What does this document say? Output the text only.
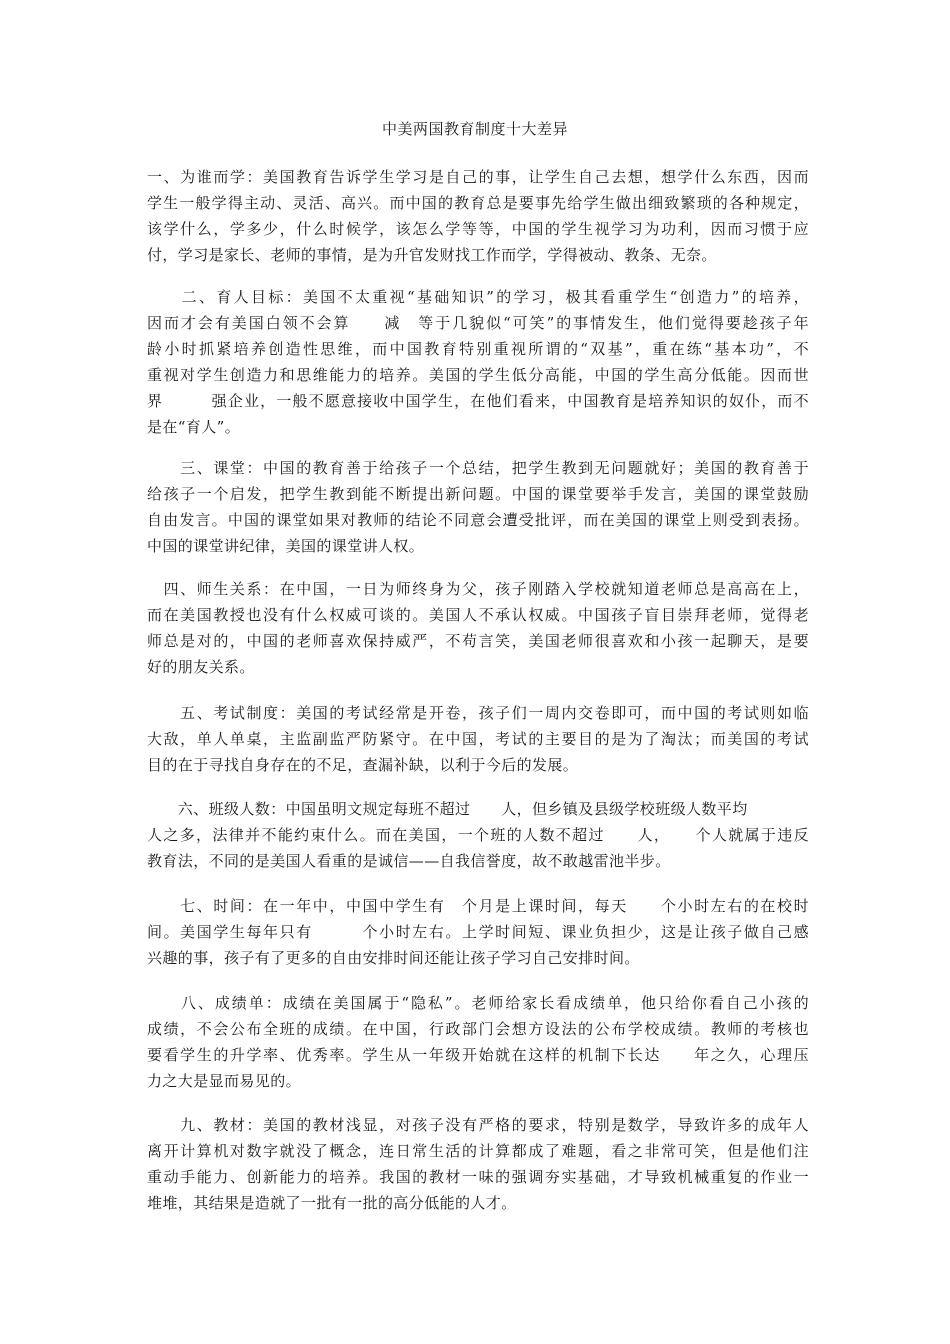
中美两国教育制度十大差异
一、为谁而学：美国教育告诉学生学习是自己的事，让学生自己去想，想学什么东西，因而
学生一般学得主动、灵活、高兴。而中国的教育总是要事先给学生做出细致繁琐的各种规定，
该学什么，学多少，什么时候学，该怎么学等等，中国的学生视学习为功利，因而习惯于应
付，学习是家长、老师的事情，是为升官发财找工作而学，学得被动、教条、无奈。
　　二、育人目标：美国不太重视“基础知识”的学习，极其看重学生“创造力”的培养，
因而才会有美国白领不会算　　减　等于几貌似“可笑”的事情发生，他们觉得要趁孩子年
龄小时抓紧培养创造性思维，而中国教育特别重视所谓的“双基”，重在练“基本功”，不
重视对学生创造力和思维能力的培养。美国的学生低分高能，中国的学生高分低能。因而世
界　　　强企业，一般不愿意接收中国学生，在他们看来，中国教育是培养知识的奴仆，而不
是在“育人”。
　　三、课堂：中国的教育善于给孩子一个总结，把学生教到无问题就好；美国的教育善于
给孩子一个启发，把学生教到能不断提出新问题。中国的课堂要举手发言，美国的课堂鼓励
自由发言。中国的课堂如果对教师的结论不同意会遭受批评，而在美国的课堂上则受到表扬。
中国的课堂讲纪律，美国的课堂讲人权。
　四、师生关系：在中国，一日为师终身为父，孩子刚踏入学校就知道老师总是高高在上，
而在美国教授也没有什么权威可谈的。美国人不承认权威。中国孩子盲目崇拜老师，觉得老
师总是对的，中国的老师喜欢保持威严，不苟言笑，美国老师很喜欢和小孩一起聊天，是要
好的朋友关系。
　　五、考试制度：美国的考试经常是开卷，孩子们一周内交卷即可，而中国的考试则如临
大敌，单人单桌，主监副监严防紧守。在中国，考试的主要目的是为了淘汰；而美国的考试
目的在于寻找自身存在的不足，查漏补缺，以利于今后的发展。
　　六、班级人数：中国虽明文规定每班不超过　　人，但乡镇及县级学校班级人数平均　
人之多，法律并不能约束什么。而在美国，一个班的人数不超过　　人，　　个人就属于违反
教育法，不同的是美国人看重的是诚信——自我信誉度，故不敢越雷池半步。
　　七、时间：在一年中，中国中学生有　个月是上课时间，每天　　个小时左右的在校时
间。美国学生每年只有　　　个小时左右。上学时间短、课业负担少，这是让孩子做自己感
兴趣的事，孩子有了更多的自由安排时间还能让孩子学习自己安排时间。
　　八、成绩单：成绩在美国属于“隐私”。老师给家长看成绩单，他只给你看自己小孩的
成绩，不会公布全班的成绩。在中国，行政部门会想方设法的公布学校成绩。教师的考核也
要看学生的升学率、优秀率。学生从一年级开始就在这样的机制下长达　　年之久，心理压
力之大是显而易见的。
　　九、教材：美国的教材浅显，对孩子没有严格的要求，特别是数学，导致许多的成年人
离开计算机对数字就没了概念，连日常生活的计算都成了难题，看之非常可笑，但是他们注
重动手能力、创新能力的培养。我国的教材一味的强调夯实基础，才导致机械重复的作业一
堆堆，其结果是造就了一批有一批的高分低能的人才。
